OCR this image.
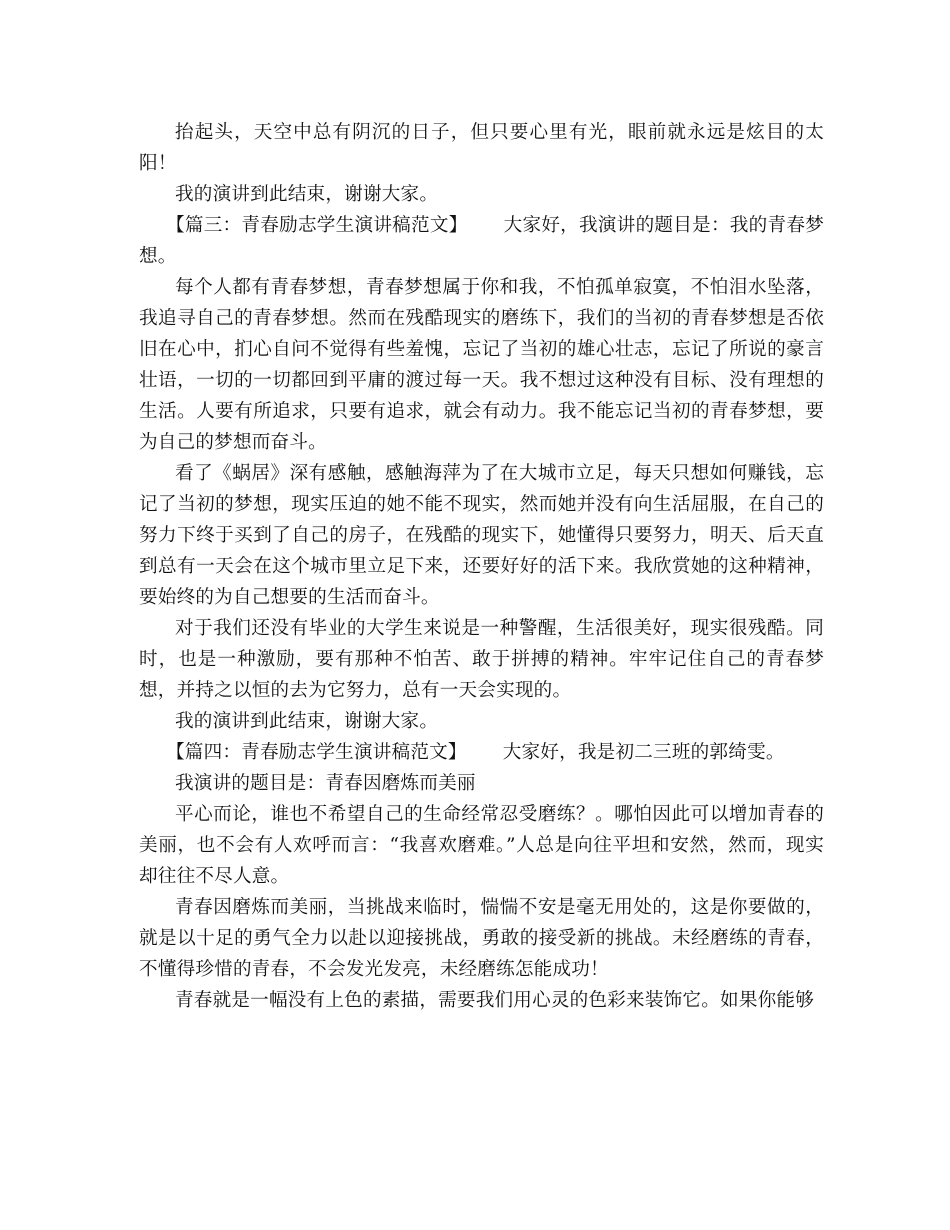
抬起头，天空中总有阴沉的日子，但只要心里有光，眼前就永远是炫目的太阳！

我的演讲到此结束，谢谢大家。

【篇三：青春励志学生演讲稿范文】 大家好，我演讲的题目是：我的青春梦想。

每个人都有青春梦想，青春梦想属于你和我，不怕孤单寂寞，不怕泪水坠落，我追寻自己的青春梦想。然而在残酷现实的磨练下，我们的当初的青春梦想是否依旧在心中，扪心自问不觉得有些羞愧，忘记了当初的雄心壮志，忘记了所说的豪言壮语，一切的一切都回到平庸的渡过每一天。我不想过这种没有目标、没有理想的生活。人要有所追求，只要有追求，就会有动力。我不能忘记当初的青春梦想，要为自己的梦想而奋斗。

看了《蜗居》深有感触，感触海萍为了在大城市立足，每天只想如何赚钱，忘记了当初的梦想，现实压迫的她不能不现实，然而她并没有向生活屈服，在自己的努力下终于买到了自己的房子，在残酷的现实下，她懂得只要努力，明天、后天直到总有一天会在这个城市里立足下来，还要好好的活下来。我欣赏她的这种精神，要始终的为自己想要的生活而奋斗。

对于我们还没有毕业的大学生来说是一种警醒，生活很美好，现实很残酷。同时，也是一种激励，要有那种不怕苦、敢于拼搏的精神。牢牢记住自己的青春梦想，并持之以恒的去为它努力，总有一天会实现的。

我的演讲到此结束，谢谢大家。

【篇四：青春励志学生演讲稿范文】 大家好，我是初二三班的郭绮雯。

我演讲的题目是：青春因磨炼而美丽

平心而论，谁也不希望自己的生命经常忍受磨练？。哪怕因此可以增加青春的美丽，也不会有人欢呼而言：“我喜欢磨难。”人总是向往平坦和安然，然而，现实却往往不尽人意。

青春因磨炼而美丽，当挑战来临时，惴惴不安是毫无用处的，这是你要做的，就是以十足的勇气全力以赴以迎接挑战，勇敢的接受新的挑战。未经磨练的青春，不懂得珍惜的青春，不会发光发亮，未经磨练怎能成功！

青春就是一幅没有上色的素描，需要我们用心灵的色彩来装饰它。如果你能够
